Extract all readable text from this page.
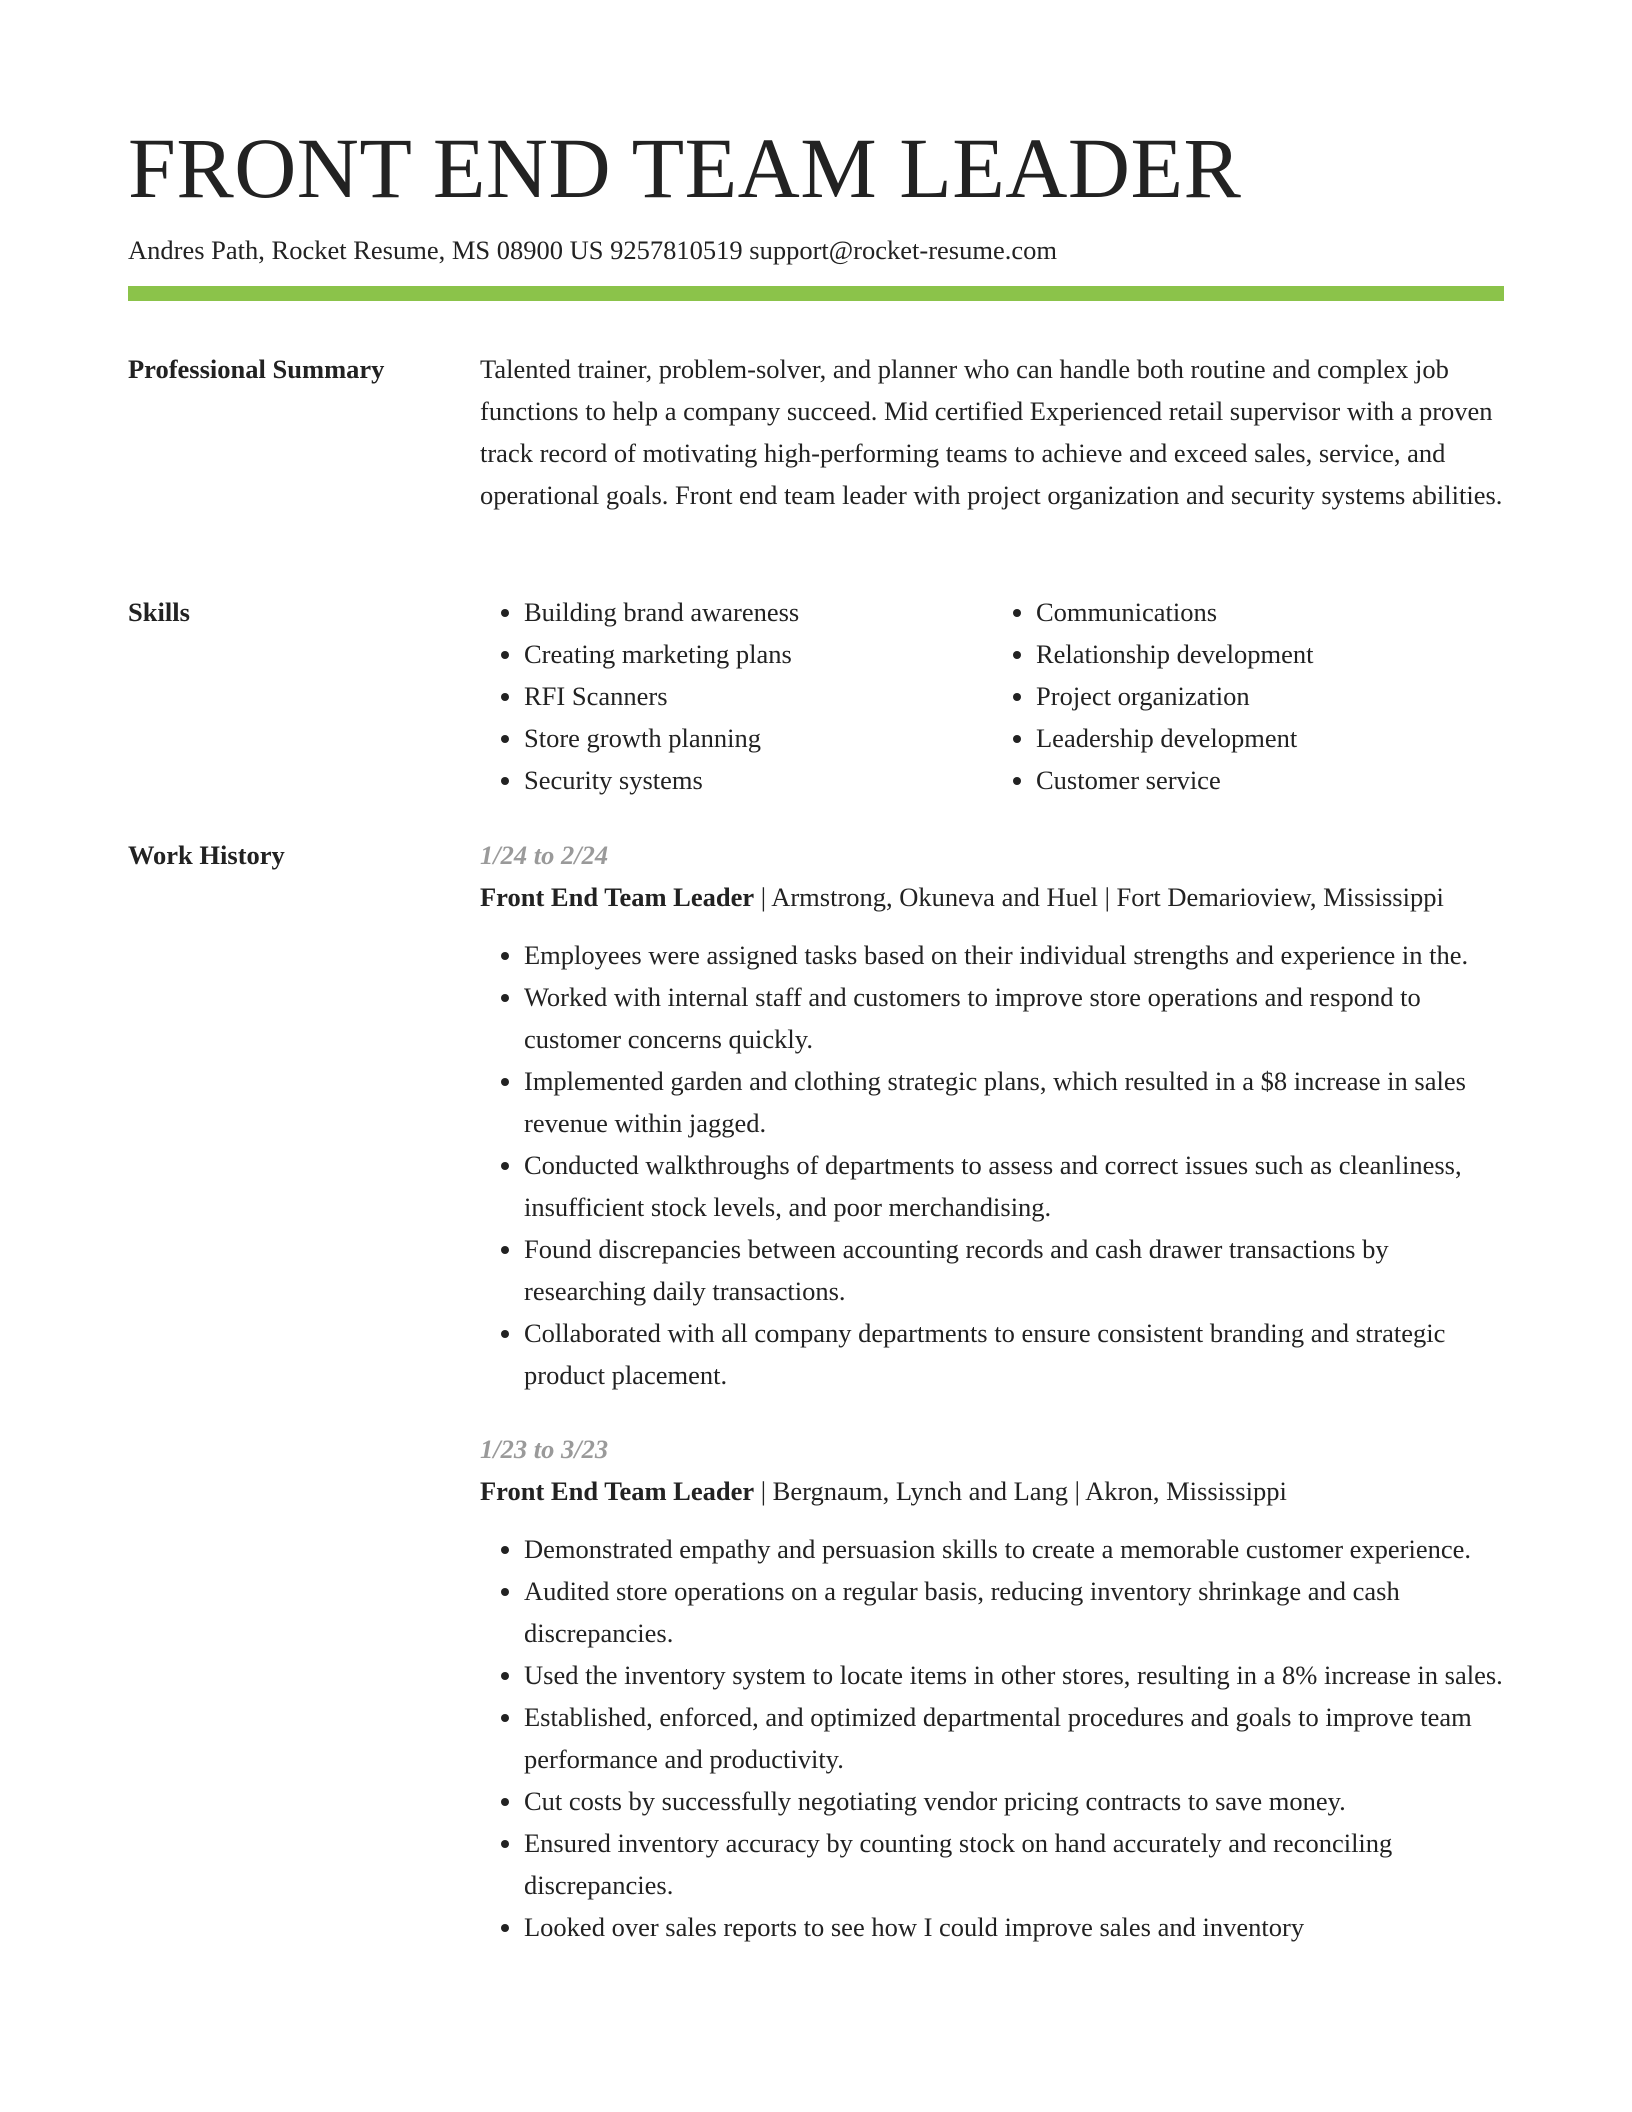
FRONT END TEAM LEADER
Andres Path, Rocket Resume, MS 08900 US 9257810519 support@rocket-resume.com
Professional Summary	Talented trainer, problem-solver, and planner who can handle both routine and complex job functions to help a company succeed. Mid certified Experienced retail supervisor with a proven track record of motivating high-performing teams to achieve and exceed sales, service, and operational goals. Front end team leader with project organization and security systems abilities.

Skills
•	Building brand awareness
• Creating marketing plans
• RFI Scanners
• Store growth planning
• Security systems
• Communications
• Relationship development
• Project organization
• Leadership development
• Customer service
Work History	1/24 to 2/24
Front End Team Leader | Armstrong, Okuneva and Huel | Fort Demarioview, Mississippi
• Employees were assigned tasks based on their individual strengths and experience in the.
• Worked with internal staff and customers to improve store operations and respond to customer concerns quickly.
• Implemented garden and clothing strategic plans, which resulted in a $8 increase in sales revenue within jagged.
• Conducted walkthroughs of departments to assess and correct issues such as cleanliness, insufficient stock levels, and poor merchandising.
• Found discrepancies between accounting records and cash drawer transactions by researching daily transactions.
• Collaborated with all company departments to ensure consistent branding and strategic product placement.
1/23 to 3/23
Front End Team Leader | Bergnaum, Lynch and Lang | Akron, Mississippi
• Demonstrated empathy and persuasion skills to create a memorable customer experience.
• Audited store operations on a regular basis, reducing inventory shrinkage and cash discrepancies.
• Used the inventory system to locate items in other stores, resulting in a 8% increase in sales.
• Established, enforced, and optimized departmental procedures and goals to improve team performance and productivity.
• Cut costs by successfully negotiating vendor pricing contracts to save money.
• Ensured inventory accuracy by counting stock on hand accurately and reconciling discrepancies.
• Looked over sales reports to see how I could improve sales and inventory
